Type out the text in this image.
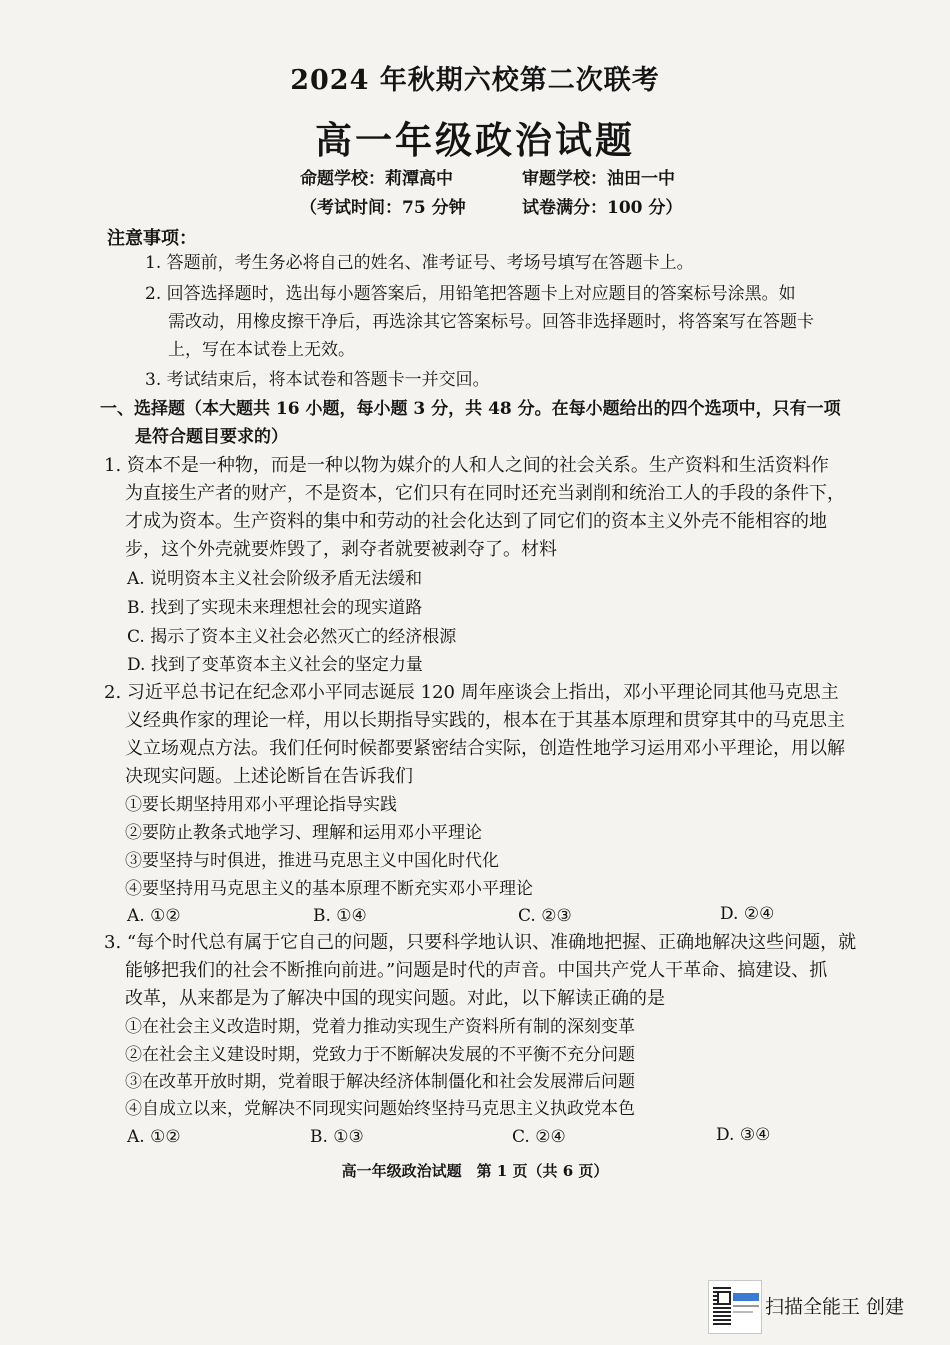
2024 年秋期六校第二次联考
高一年级政治试题
命题学校：莉潭高中	审题学校：油田一中
（考试时间：75 分钟	试卷满分：100 分）
注意事项：
1. 答题前，考生务必将自己的姓名、准考证号、考场号填写在答题卡上。
2. 回答选择题时，选出每小题答案后，用铅笔把答题卡上对应题目的答案标号涂黑。如
需改动，用橡皮擦干净后，再选涂其它答案标号。回答非选择题时，将答案写在答题卡
上，写在本试卷上无效。
3. 考试结束后，将本试卷和答题卡一并交回。
一、选择题（本大题共 16 小题，每小题 3 分，共 48 分。在每小题给出的四个选项中，只有一项
是符合题目要求的）
1. 资本不是一种物，而是一种以物为媒介的人和人之间的社会关系。生产资料和生活资料作
为直接生产者的财产，不是资本，它们只有在同时还充当剥削和统治工人的手段的条件下，
才成为资本。生产资料的集中和劳动的社会化达到了同它们的资本主义外壳不能相容的地
步，这个外壳就要炸毁了，剥夺者就要被剥夺了。材料
A. 说明资本主义社会阶级矛盾无法缓和
B. 找到了实现未来理想社会的现实道路
C. 揭示了资本主义社会必然灭亡的经济根源
D. 找到了变革资本主义社会的坚定力量
2. 习近平总书记在纪念邓小平同志诞辰 120 周年座谈会上指出，邓小平理论同其他马克思主
义经典作家的理论一样，用以长期指导实践的，根本在于其基本原理和贯穿其中的马克思主
义立场观点方法。我们任何时候都要紧密结合实际，创造性地学习运用邓小平理论，用以解
决现实问题。上述论断旨在告诉我们
①要长期坚持用邓小平理论指导实践
②要防止教条式地学习、理解和运用邓小平理论
③要坚持与时俱进，推进马克思主义中国化时代化
④要坚持用马克思主义的基本原理不断充实邓小平理论
A. ①②	B. ①④	C. ②③	D. ②④
3. “每个时代总有属于它自己的问题，只要科学地认识、准确地把握、正确地解决这些问题，就
能够把我们的社会不断推向前进。”问题是时代的声音。中国共产党人干革命、搞建设、抓
改革，从来都是为了解决中国的现实问题。对此，以下解读正确的是
①在社会主义改造时期，党着力推动实现生产资料所有制的深刻变革
②在社会主义建设时期，党致力于不断解决发展的不平衡不充分问题
③在改革开放时期，党着眼于解决经济体制僵化和社会发展滞后问题
④自成立以来，党解决不同现实问题始终坚持马克思主义执政党本色
A. ①②	B. ①③	C. ②④	D. ③④
高一年级政治试题　第 1 页（共 6 页）
扫描全能王 创建
